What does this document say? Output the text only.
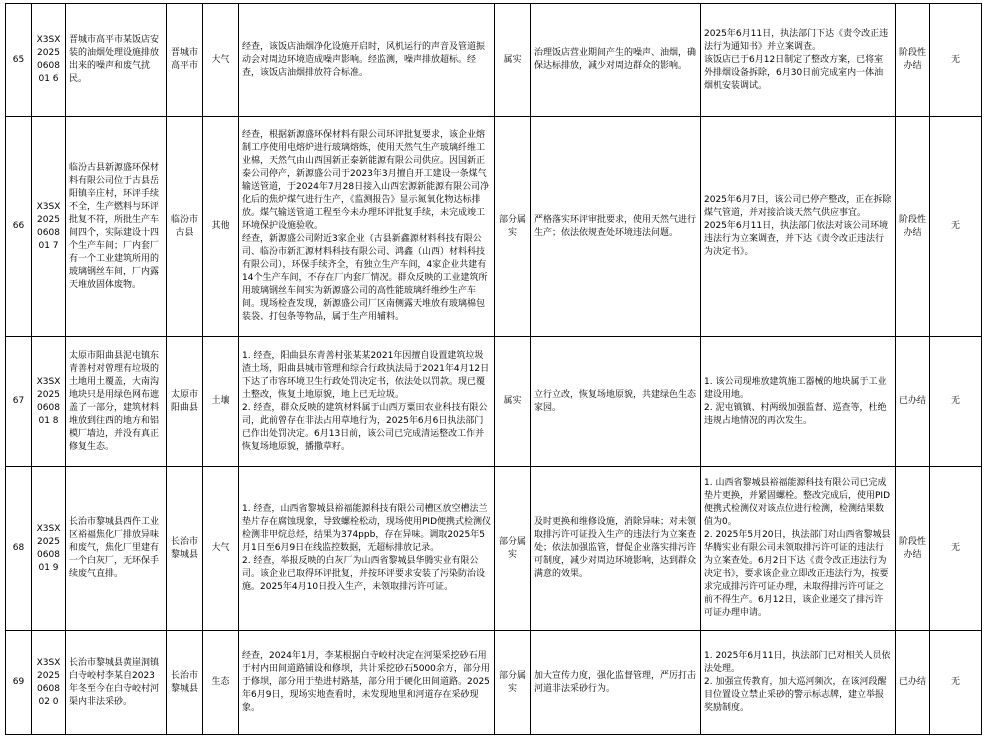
65	X3SX2025060801 6	晋城市高平市某饭店安装的油烟处理设施排放出来的噪声和废气扰民。	晋城市高平市	大气	经查，该饭店油烟净化设施开启时，风机运行的声音及管道振动会对周边环境造成噪声影响。经监测，噪声排放超标。经查，该饭店油烟排放符合标准。	属实	治理饭店营业期间产生的噪声、油烟，确保达标排放，减少对周边群众的影响。	2025年6月11日，执法部门下达《责令改正违法行为通知书》并立案调查。
该饭店已于6月12日制定了整改方案，已将室外排烟设备拆除，6月30日前完成室内一体油烟机安装调试。	阶段性办结	无
66	X3SX2025060801 7	临汾古县新源盛环保材料有限公司位于古县岳阳镇辛庄村，环评手续不全，生产燃料与环评批复不符，所批生产车间四个，实际建设十四个生产车间；厂内套厂有一个工业建筑所用的玻璃钢丝车间，厂内露天堆放固体废物。	临汾市古县	其他	经查，根据新源盛环保材料有限公司环评批复要求，该企业熔制工序使用电熔炉进行玻璃熔炼，使用天然气生产玻璃纤维工业棉，天然气由山西国新正泰新能源有限公司供应。因国新正泰公司停产，新源盛公司于2023年3月擅自开工建设一条煤气输送管道，于2024年7月28日接入山西宏源新能源有限公司净化后的焦炉煤气进行生产，《监测报告》显示氮氧化物达标排放。煤气输送管道工程至今未办理环评批复手续，未完成竣工环境保护设施验收。
经查，新源盛公司附近3家企业（古县新鑫源材料科技有限公司、临汾市新汇源材料科技有限公司、鸿鑫（山西）材料科技有限公司），环保手续齐全，有独立生产车间，4家企业共建有14个生产车间，不存在厂内套厂情况。群众反映的工业建筑所用玻璃钢丝车间实为新源盛公司的高性能玻璃纤维纱生产车间。现场检查发现，新源盛公司厂区南侧露天堆放有玻璃棉包装袋、打包条等物品，属于生产用辅料。	部分属实	严格落实环评审批要求，使用天然气进行生产；依法依规查处环境违法问题。	2025年6月7日，该公司已停产整改，正在拆除煤气管道，并对接洽谈天然气供应事宜。
2025年6月11日，执法部门依法对该公司环境违法行为立案调查，并下达《责令改正违法行为决定书》。	阶段性办结	无
67	X3SX2025060801 8	太原市阳曲县泥屯镇东青善村对曾理有垃圾的土地用土覆盖，大南沟地块只是用绿色网布遮盖了一部分，建筑材料堆放到往西的地方和铝模厂墙边，并没有真正修复生态。	太原市阳曲县	土壤	1. 经查，阳曲县东青善村张某某2021年因擅自设置建筑垃圾渣土场，阳曲县城市管理和综合行政执法局于2021年4月12日下达了市容环境卫生行政处罚决定书，依法处以罚款。现已覆土整改，恢复土地原貌，地上已无垃圾。
2. 经查，群众反映的建筑材料属于山西万粟田农业科技有限公司，此前曾存在非法占用草地行为，2025年6月6日执法部门已作出处罚决定。6月13日前，该公司已完成清运整改工作并恢复场地原貌，播撒草籽。	属实	立行立改，恢复场地原貌，共建绿色生态家园。	1. 该公司现堆放建筑施工器械的地块属于工业建设用地。
2. 泥屯镇镇、村两级加强监督、巡查等，杜绝违规占地情况的再次发生。	已办结	无
68	X3SX2025060801 9	长治市黎城县西仵工业区裕福焦化厂排放异味和废气，焦化厂里建有一个白灰厂，无环保手续废气直排。	长治市黎城县	大气	1. 经查，山西省黎城县裕福能源科技有限公司槽区放空槽法兰垫片存在腐蚀现象，导致螺栓松动，现场使用PID便携式检测仪检测非甲烷总烃，结果为374ppb，存在异味。调取2025年5月1日至6月9日在线监控数据，无超标排放记录。
2. 经查，举报反映的白灰厂为山西省黎城县华腾实业有限公司。该企业已取得环评批复，并按环评要求安装了污染防治设施。2025年4月10日投入生产，未领取排污许可证。	部分属实	及时更换和维修设施，消除异味；对未领取排污许可证投入生产的违法行为立案查处；依法加强监管，督促企业落实排污许可制度，减少对周边环境影响，达到群众满意的效果。	1. 山西省黎城县裕福能源科技有限公司已完成垫片更换，并紧固螺栓。整改完成后，使用PID便携式检测仪对该点位进行检测，检测结果数值为0。
2. 2025年5月20日，执法部门对山西省黎城县华腾实业有限公司未领取排污许可证的违法行为立案查处。6月2日下达《责令改正违法行为决定书》，要求该企业立即改正违法行为，按要求完成排污许可证办理，未取得排污许可证之前不得生产。6月12日，该企业递交了排污许可证办理申请。	阶段性办结	无
69	X3SX2025060802 0	长治市黎城县黄崖洞镇白寺峧村李某自2023年冬至今在白寺峧村河渠内非法采砂。	长治市黎城县	生态	经查，2024年1月，李某根据白寺峧村决定在河渠采挖砂石用于村内田间道路铺设和修坝，共计采挖砂石5000余方，部分用于修坝，部分用于垫进村路基，部分用于硬化田间道路。2025年6月9日，现场实地查看时，未发现地里和河道存在采砂现象。	部分属实	加大宣传力度，强化监督管理，严厉打击河道非法采砂行为。	1. 2025年6月11日，执法部门已对相关人员依法处理。
2. 加强宣传教育，加大巡河频次，在该河段醒目位置设立禁止采砂的警示标志牌，建立举报奖励制度。	已办结	无
